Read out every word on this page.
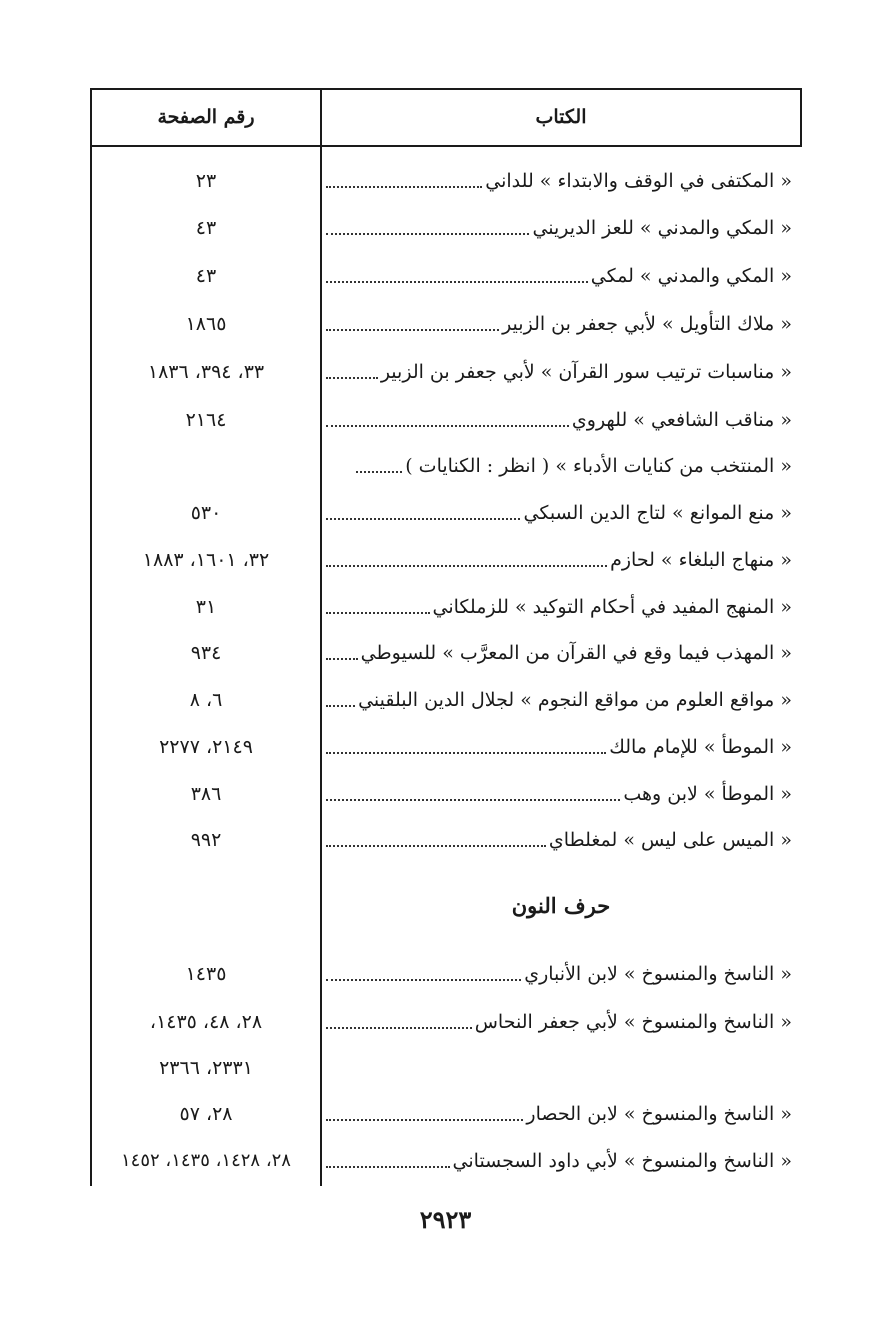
الكتاب
رقم الصفحة
« المكتفى في الوقف والابتداء » للداني
٢٣
« المكي والمدني » للعز الديريني
٤٣
« المكي والمدني » لمكي
٤٣
« ملاك التأويل » لأبي جعفر بن الزبير
١٨٦٥
« مناسبات ترتيب سور القرآن » لأبي جعفر بن الزبير
٣٣، ٣٩٤، ١٨٣٦
« مناقب الشافعي » للهروي
٢١٦٤
« المنتخب من كنايات الأدباء » ( انظر : الكنايات )
« منع الموانع » لتاج الدين السبكي
٥٣٠
« منهاج البلغاء » لحازم
٣٢، ١٦٠١، ١٨٨٣
« المنهج المفيد في أحكام التوكيد » للزملكاني
٣١
« المهذب فيما وقع في القرآن من المعرَّب » للسيوطي
٩٣٤
« مواقع العلوم من مواقع النجوم » لجلال الدين البلقيني
٦، ٨
« الموطأ » للإمام مالك
٢١٤٩، ٢٢٧٧
« الموطأ » لابن وهب
٣٨٦
« الميس على ليس » لمغلطاي
٩٩٢
حرف النون
« الناسخ والمنسوخ » لابن الأنباري
١٤٣٥
« الناسخ والمنسوخ » لأبي جعفر النحاس
٢٨، ٤٨، ١٤٣٥،
٢٣٣١، ٢٣٦٦
« الناسخ والمنسوخ » لابن الحصار
٢٨، ٥٧
« الناسخ والمنسوخ » لأبي داود السجستاني
٢٨، ١٤٢٨، ١٤٣٥، ١٤٥٢
٢٩٢٣
